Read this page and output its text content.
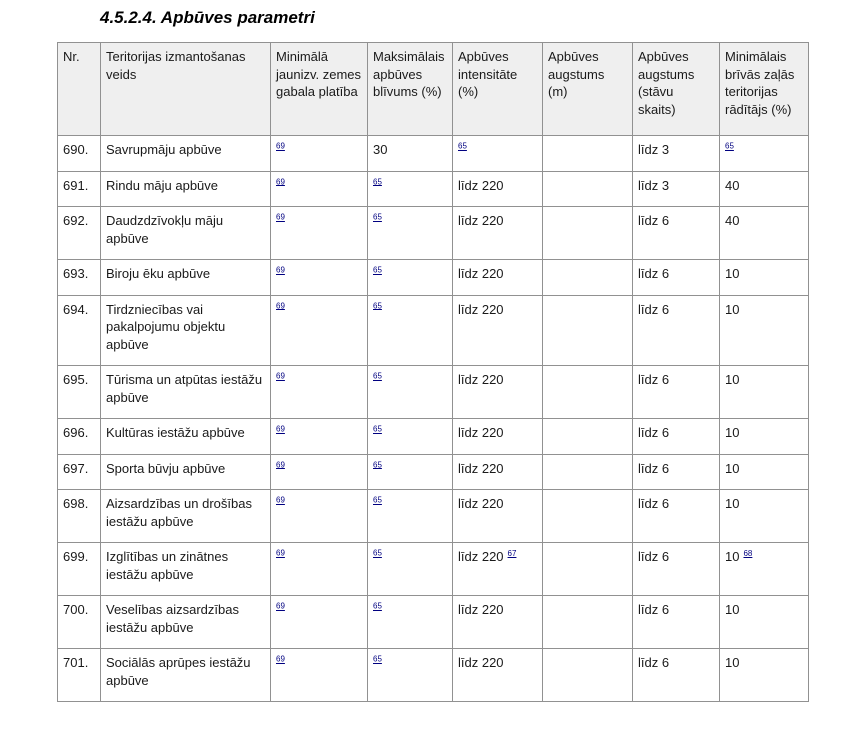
4.5.2.4. Apbūves parametri
Nr.	Teritorijas izmantošanas veids	Minimālā jaunizv. zemes gabala platība	Maksimālais apbūves blīvums (%)	Apbūves intensitāte (%)	Apbūves augstums (m)	Apbūves augstums (stāvu skaits)	Minimālais brīvās zaļās teritorijas rādītājs (%)
690.	Savrupmāju apbūve	$^{69}$	30	$^{65}$		līdz 3	$^{65}$
691.	Rindu māju apbūve	$^{69}$	$^{65}$	līdz 220		līdz 3	40
692.	Daudzdzīvokļu māju apbūve	$^{69}$	$^{65}$	līdz 220		līdz 6	40
693.	Biroju ēku apbūve	$^{69}$	$^{65}$	līdz 220		līdz 6	10
694.	Tirdzniecības vai pakalpojumu objektu apbūve	$^{69}$	$^{65}$	līdz 220		līdz 6	10
695.	Tūrisma un atpūtas iestāžu apbūve	$^{69}$	$^{65}$	līdz 220		līdz 6	10
696.	Kultūras iestāžu apbūve	$^{69}$	$^{65}$	līdz 220		līdz 6	10
697.	Sporta būvju apbūve	$^{69}$	$^{65}$	līdz 220		līdz 6	10
698.	Aizsardzības un drošības iestāžu apbūve	$^{69}$	$^{65}$	līdz 220		līdz 6	10
699.	Izglītības un zinātnes iestāžu apbūve	$^{69}$	$^{65}$	līdz 220 $^{67}$		līdz 6	10 $^{68}$
700.	Veselības aizsardzības iestāžu apbūve	$^{69}$	$^{65}$	līdz 220		līdz 6	10
701.	Sociālās aprūpes iestāžu apbūve	$^{69}$	$^{65}$	līdz 220		līdz 6	10
